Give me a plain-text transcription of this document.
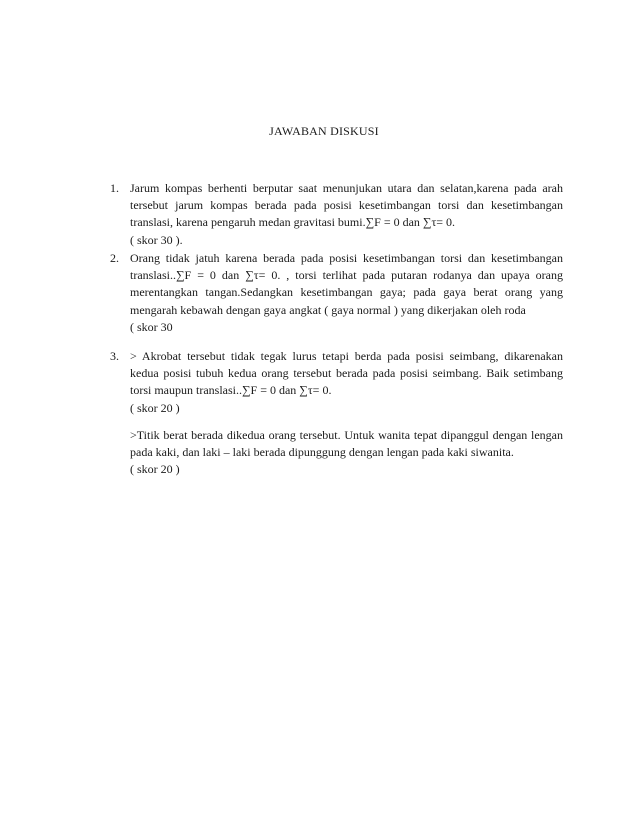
JAWABAN DISKUSI
1. Jarum kompas berhenti berputar saat menunjukan utara dan selatan,karena pada arah tersebut jarum kompas berada pada posisi kesetimbangan torsi dan kesetimbangan translasi, karena pengaruh medan gravitasi bumi.∑F = 0 dan ∑τ= 0.

( skor 30 ).

2. Orang tidak jatuh karena berada pada posisi kesetimbangan torsi dan kesetimbangan translasi..∑F = 0 dan ∑τ= 0. , torsi terlihat pada putaran rodanya dan upaya orang merentangkan tangan.Sedangkan kesetimbangan gaya; pada gaya berat orang yang mengarah kebawah dengan gaya angkat ( gaya normal ) yang dikerjakan oleh roda

( skor 30

3. > Akrobat tersebut tidak tegak lurus tetapi berda pada posisi seimbang, dikarenakan kedua posisi tubuh kedua orang tersebut berada pada posisi seimbang. Baik setimbang torsi maupun translasi..∑F = 0 dan ∑τ= 0.

( skor 20 )

>Titik berat berada dikedua orang tersebut. Untuk wanita tepat dipanggul dengan lengan pada kaki, dan laki – laki berada dipunggung dengan lengan pada kaki siwanita.

( skor 20 )
